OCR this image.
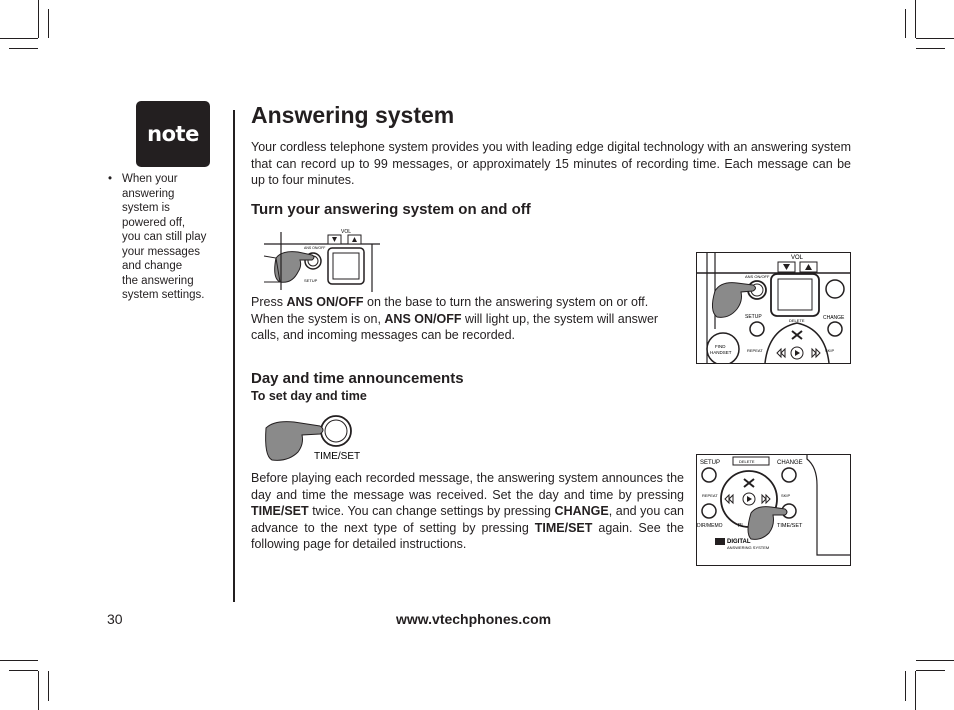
note
• When your
answering
system is
powered off,
you can still play
your messages
and change
the answering
system settings.
Answering system

Your cordless telephone system provides you with leading edge digital technology with an answering system that can record up to 99 messages, or approximately 15 minutes of recording time. Each message can be up to four minutes.

Turn your answering system on and off
VOL
ANS ON/OFF
SETUP

Press ANS ON/OFF on the base to turn the answering system on or off. When the system is on, ANS ON/OFF will light up, the system will answer calls, and incoming messages can be recorded.

VOL
ANS ON/OFF
SETUP
DELETE	CHANGE
FIND
HANDSET	REPEAT	SKIP
Day and time announcements
To set day and time
TIME/SET

Before playing each recorded message, the answering system announces the day and time the message was received. Set the day and time by pressing TIME/SET twice. You can change settings by pressing CHANGE, and you can advance to the next type of setting by pressing TIME/SET again. See the following page for detailed instructions.

SETUP	DELETE	CHANGE
REPEAT	SKIP
DIR/MEMO	PL	TIME/SET
DIGITAL
ANSWERING SYSTEM
30	www.vtechphones.com
